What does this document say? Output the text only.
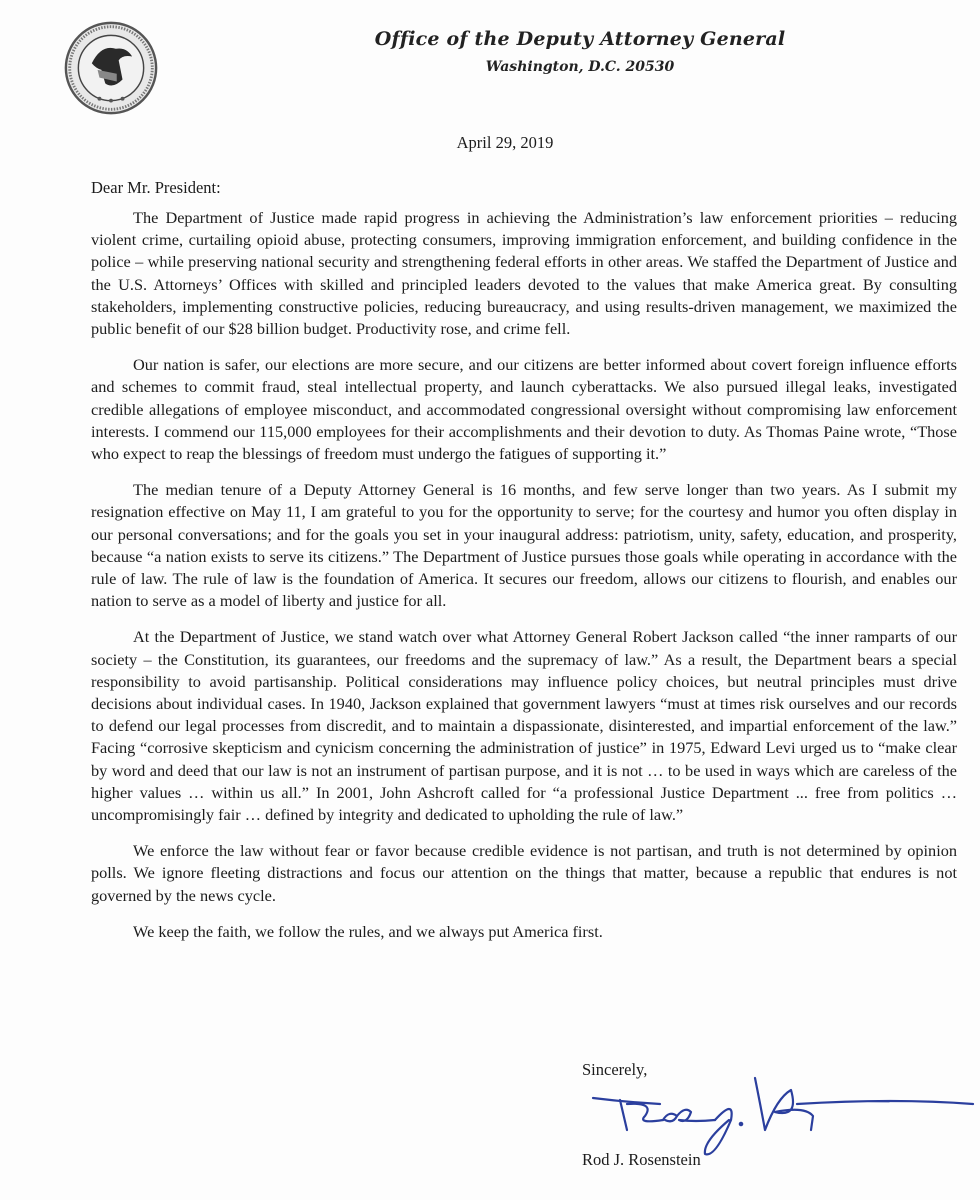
Office of the Deputy Attorney General
Washington, D.C. 20530
April 29, 2019
Dear Mr. President:

The Department of Justice made rapid progress in achieving the Administration’s law enforcement priorities – reducing violent crime, curtailing opioid abuse, protecting consumers, improving immigration enforcement, and building confidence in the police – while preserving national security and strengthening federal efforts in other areas. We staffed the Department of Justice and the U.S. Attorneys’ Offices with skilled and principled leaders devoted to the values that make America great. By consulting stakeholders, implementing constructive policies, reducing bureaucracy, and using results-driven management, we maximized the public benefit of our $28 billion budget. Productivity rose, and crime fell.

Our nation is safer, our elections are more secure, and our citizens are better informed about covert foreign influence efforts and schemes to commit fraud, steal intellectual property, and launch cyberattacks. We also pursued illegal leaks, investigated credible allegations of employee misconduct, and accommodated congressional oversight without compromising law enforcement interests. I commend our 115,000 employees for their accomplishments and their devotion to duty. As Thomas Paine wrote, “Those who expect to reap the blessings of freedom must undergo the fatigues of supporting it.”

The median tenure of a Deputy Attorney General is 16 months, and few serve longer than two years. As I submit my resignation effective on May 11, I am grateful to you for the opportunity to serve; for the courtesy and humor you often display in our personal conversations; and for the goals you set in your inaugural address: patriotism, unity, safety, education, and prosperity, because “a nation exists to serve its citizens.” The Department of Justice pursues those goals while operating in accordance with the rule of law. The rule of law is the foundation of America. It secures our freedom, allows our citizens to flourish, and enables our nation to serve as a model of liberty and justice for all.

At the Department of Justice, we stand watch over what Attorney General Robert Jackson called “the inner ramparts of our society – the Constitution, its guarantees, our freedoms and the supremacy of law.” As a result, the Department bears a special responsibility to avoid partisanship. Political considerations may influence policy choices, but neutral principles must drive decisions about individual cases. In 1940, Jackson explained that government lawyers “must at times risk ourselves and our records to defend our legal processes from discredit, and to maintain a dispassionate, disinterested, and impartial enforcement of the law.” Facing “corrosive skepticism and cynicism concerning the administration of justice” in 1975, Edward Levi urged us to “make clear by word and deed that our law is not an instrument of partisan purpose, and it is not … to be used in ways which are careless of the higher values … within us all.” In 2001, John Ashcroft called for “a professional Justice Department ... free from politics … uncompromisingly fair … defined by integrity and dedicated to upholding the rule of law.”

We enforce the law without fear or favor because credible evidence is not partisan, and truth is not determined by opinion polls. We ignore fleeting distractions and focus our attention on the things that matter, because a republic that endures is not governed by the news cycle.

We keep the faith, we follow the rules, and we always put America first.

Sincerely,
Rod J. Rosenstein
